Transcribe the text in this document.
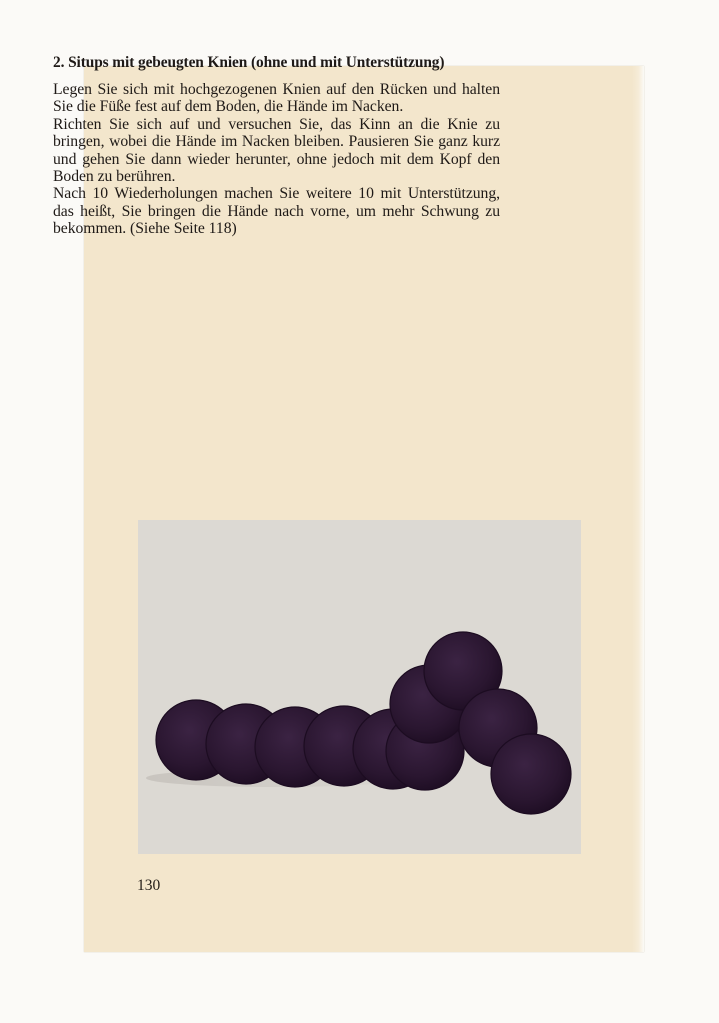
2. Situps mit gebeugten Knien (ohne und mit Unterstützung)

Legen Sie sich mit hochgezogenen Knien auf den Rücken und halten Sie die Füße fest auf dem Boden, die Hände im Nacken.

Richten Sie sich auf und versuchen Sie, das Kinn an die Knie zu bringen, wobei die Hände im Nacken bleiben. Pausieren Sie ganz kurz und gehen Sie dann wieder herunter, ohne jedoch mit dem Kopf den Boden zu berühren.

Nach 10 Wiederholungen machen Sie weitere 10 mit Unterstützung, das heißt, Sie bringen die Hände nach vorne, um mehr Schwung zu bekommen. (Siehe Seite 118)

130
